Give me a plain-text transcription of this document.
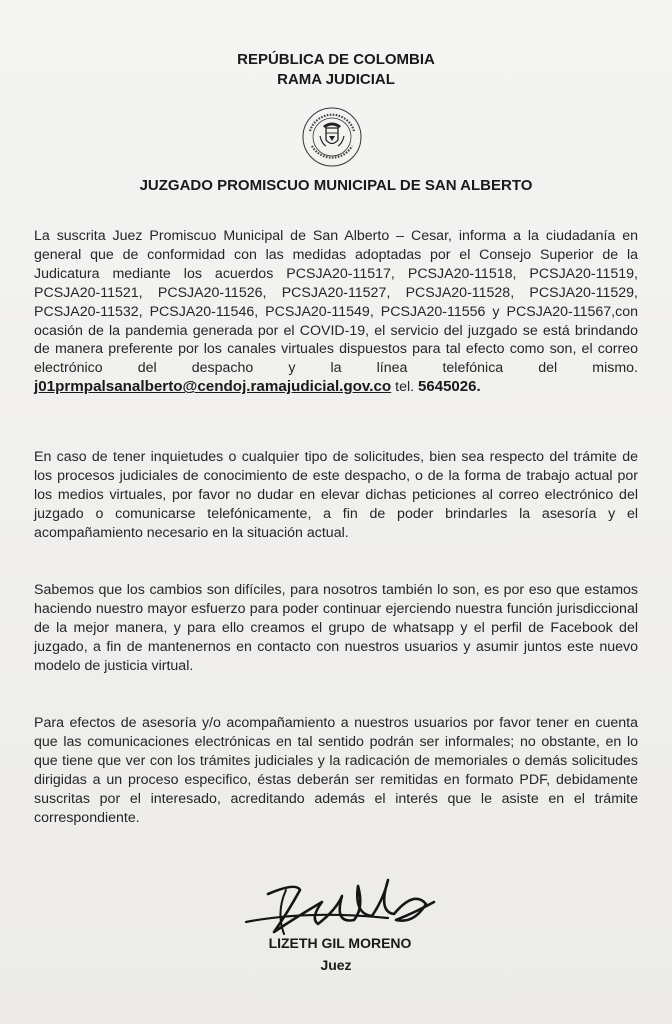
REPÚBLICA DE COLOMBIA
RAMA JUDICIAL
JUZGADO PROMISCUO MUNICIPAL DE SAN ALBERTO
La suscrita Juez Promiscuo Municipal de San Alberto – Cesar, informa a la ciudadanía en general que de conformidad con las medidas adoptadas por el Consejo Superior de la Judicatura mediante los acuerdos PCSJA20-11517, PCSJA20-11518, PCSJA20-11519, PCSJA20-11521, PCSJA20-11526, PCSJA20-11527, PCSJA20-11528, PCSJA20-11529, PCSJA20-11532, PCSJA20-11546, PCSJA20-11549, PCSJA20-11556 y PCSJA20-11567,con ocasión de la pandemia generada por el COVID-19, el servicio del juzgado se está brindando de manera preferente por los canales virtuales dispuestos para tal efecto como son, el correo electrónico del despacho y la línea telefónica del mismo. j01prmpalsanalberto@cendoj.ramajudicial.gov.co tel. 5645026.
En caso de tener inquietudes o cualquier tipo de solicitudes, bien sea respecto del trámite de los procesos judiciales de conocimiento de este despacho, o de la forma de trabajo actual por los medios virtuales, por favor no dudar en elevar dichas peticiones al correo electrónico del juzgado o comunicarse telefónicamente, a fin de poder brindarles la asesoría y el acompañamiento necesario en la situación actual.
Sabemos que los cambios son difíciles, para nosotros también lo son, es por eso que estamos haciendo nuestro mayor esfuerzo para poder continuar ejerciendo nuestra función jurisdiccional de la mejor manera, y para ello creamos el grupo de whatsapp y el perfil de Facebook del juzgado, a fin de mantenernos en contacto con nuestros usuarios y asumir juntos este nuevo modelo de justicia virtual.
Para efectos de asesoría y/o acompañamiento a nuestros usuarios por favor tener en cuenta que las comunicaciones electrónicas en tal sentido podrán ser informales; no obstante, en lo que tiene que ver con los trámites judiciales y la radicación de memoriales o demás solicitudes dirigidas a un proceso especifico, éstas deberán ser remitidas en formato PDF, debidamente suscritas por el interesado, acreditando además el interés que le asiste en el trámite correspondiente.
LIZETH GIL MORENO
Juez
